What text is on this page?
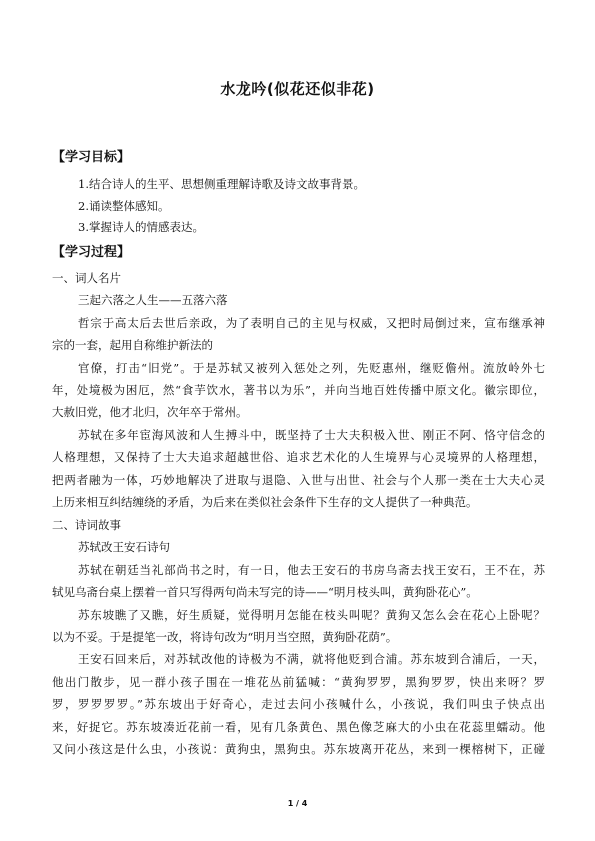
水龙吟(似花还似非花)
【学习目标】
1.结合诗人的生平、思想侧重理解诗歌及诗文故事背景。
2.诵读整体感知。
3.掌握诗人的情感表达。
【学习过程】
一、词人名片
三起六落之人生——五落六落
哲宗于高太后去世后亲政，为了表明自己的主见与权威，又把时局倒过来，宣布继承神
宗的一套，起用自称维护新法的
官僚，打击“旧党”。于是苏轼又被列入惩处之列，先贬惠州，继贬儋州。流放岭外七
年，处境极为困厄，然“食芋饮水，著书以为乐”，并向当地百姓传播中原文化。徽宗即位，
大赦旧党，他才北归，次年卒于常州。
苏轼在多年宦海风波和人生搏斗中，既坚持了士大夫积极入世、刚正不阿、恪守信念的
人格理想，又保持了士大夫追求超越世俗、追求艺术化的人生境界与心灵境界的人格理想，
把两者融为一体，巧妙地解决了进取与退隐、入世与出世、社会与个人那一类在士大夫心灵
上历来相互纠结缠绕的矛盾，为后来在类似社会条件下生存的文人提供了一种典范。
二、诗词故事
苏轼改王安石诗句
苏轼在朝廷当礼部尚书之时，有一日，他去王安石的书房乌斋去找王安石，王不在，苏
轼见乌斋台桌上摆着一首只写得两句尚未写完的诗——“明月枝头叫，黄狗卧花心”。
苏东坡瞧了又瞧，好生质疑，觉得明月怎能在枝头叫呢？黄狗又怎么会在花心上卧呢？
以为不妥。于是提笔一改，将诗句改为“明月当空照，黄狗卧花荫”。
王安石回来后，对苏轼改他的诗极为不满，就将他贬到合浦。苏东坡到合浦后，一天，
他出门散步，见一群小孩子围在一堆花丛前猛喊：“黄狗罗罗，黑狗罗罗，快出来呀？罗
罗，罗罗罗罗。”苏东坡出于好奇心，走过去问小孩喊什么，小孩说，我们叫虫子快点出
来，好捉它。苏东坡凑近花前一看，见有几条黄色、黑色像芝麻大的小虫在花蕊里蠕动。他
又问小孩这是什么虫，小孩说：黄狗虫，黑狗虫。苏东坡离开花丛，来到一棵榕树下，正碰
1 / 4
